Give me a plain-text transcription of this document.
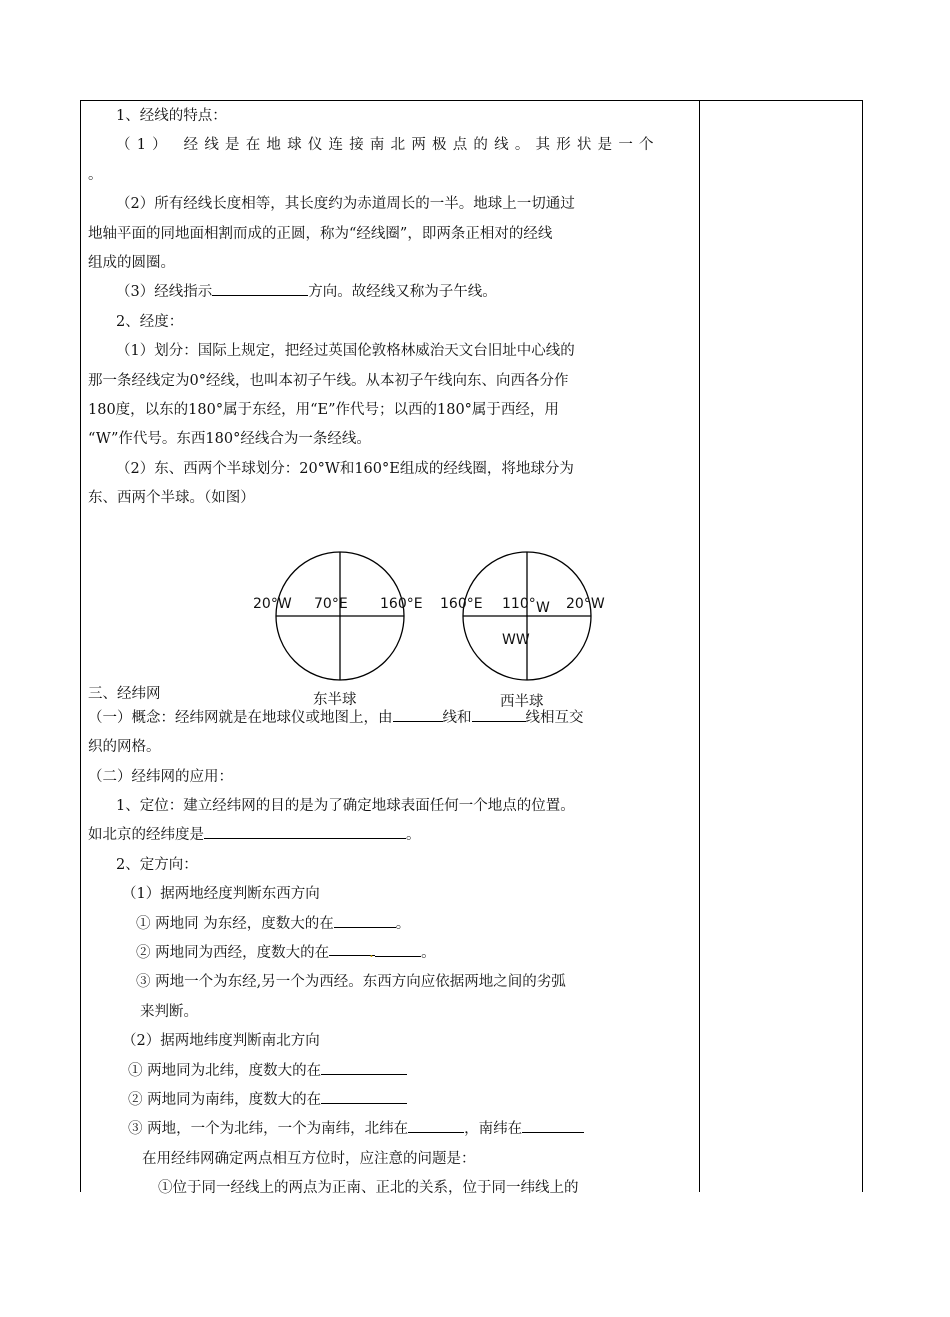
1、经线的特点：

（1） 经线是在地球仪连接南北两极点的线。其形状是一个

。

（2）所有经线长度相等，其长度约为赤道周长的一半。地球上一切通过

地轴平面的同地面相割而成的正圆，称为“经线圈”，即两条正相对的经线

组成的圆圈。

（3）经线指示	方向。故经线又称为子午线。

2、经度：

（1）划分：国际上规定，把经过英国伦敦格林威治天文台旧址中心线的

那一条经线定为0°经线，也叫本初子午线。从本初子午线向东、向西各分作

180度，以东的180°属于东经，用“E”作代号；以西的180°属于西经，用

“W”作代号。东西180°经线合为一条经线。

（2）东、西两个半球划分：20°W和160°E组成的经线圈，将地球分为

东、西两个半球。（如图）

20°W 70°E 160°E
东半球
160°E 110° W
WW
20°W
西半球
三、经纬网

（一）概念：经纬网就是在地球仪或地图上，由	线和	线相互交

织的网格。

（二）经纬网的应用：

1、定位：建立经纬网的目的是为了确定地球表面任何一个地点的位置。

如北京的经纬度是	。

2、定方向：

（1）据两地经度判断东西方向

① 两地同 为东经，度数大的在	。

② 两地同为西经，度数大的在	.	。

③ 两地一个为东经,另一个为西经。东西方向应依据两地之间的劣弧

来判断。

（2）据两地纬度判断南北方向

① 两地同为北纬，度数大的在

② 两地同为南纬，度数大的在

③ 两地，一个为北纬，一个为南纬，北纬在	，南纬在

在用经纬网确定两点相互方位时，应注意的问题是：

①位于同一经线上的两点为正南、正北的关系，位于同一纬线上的
